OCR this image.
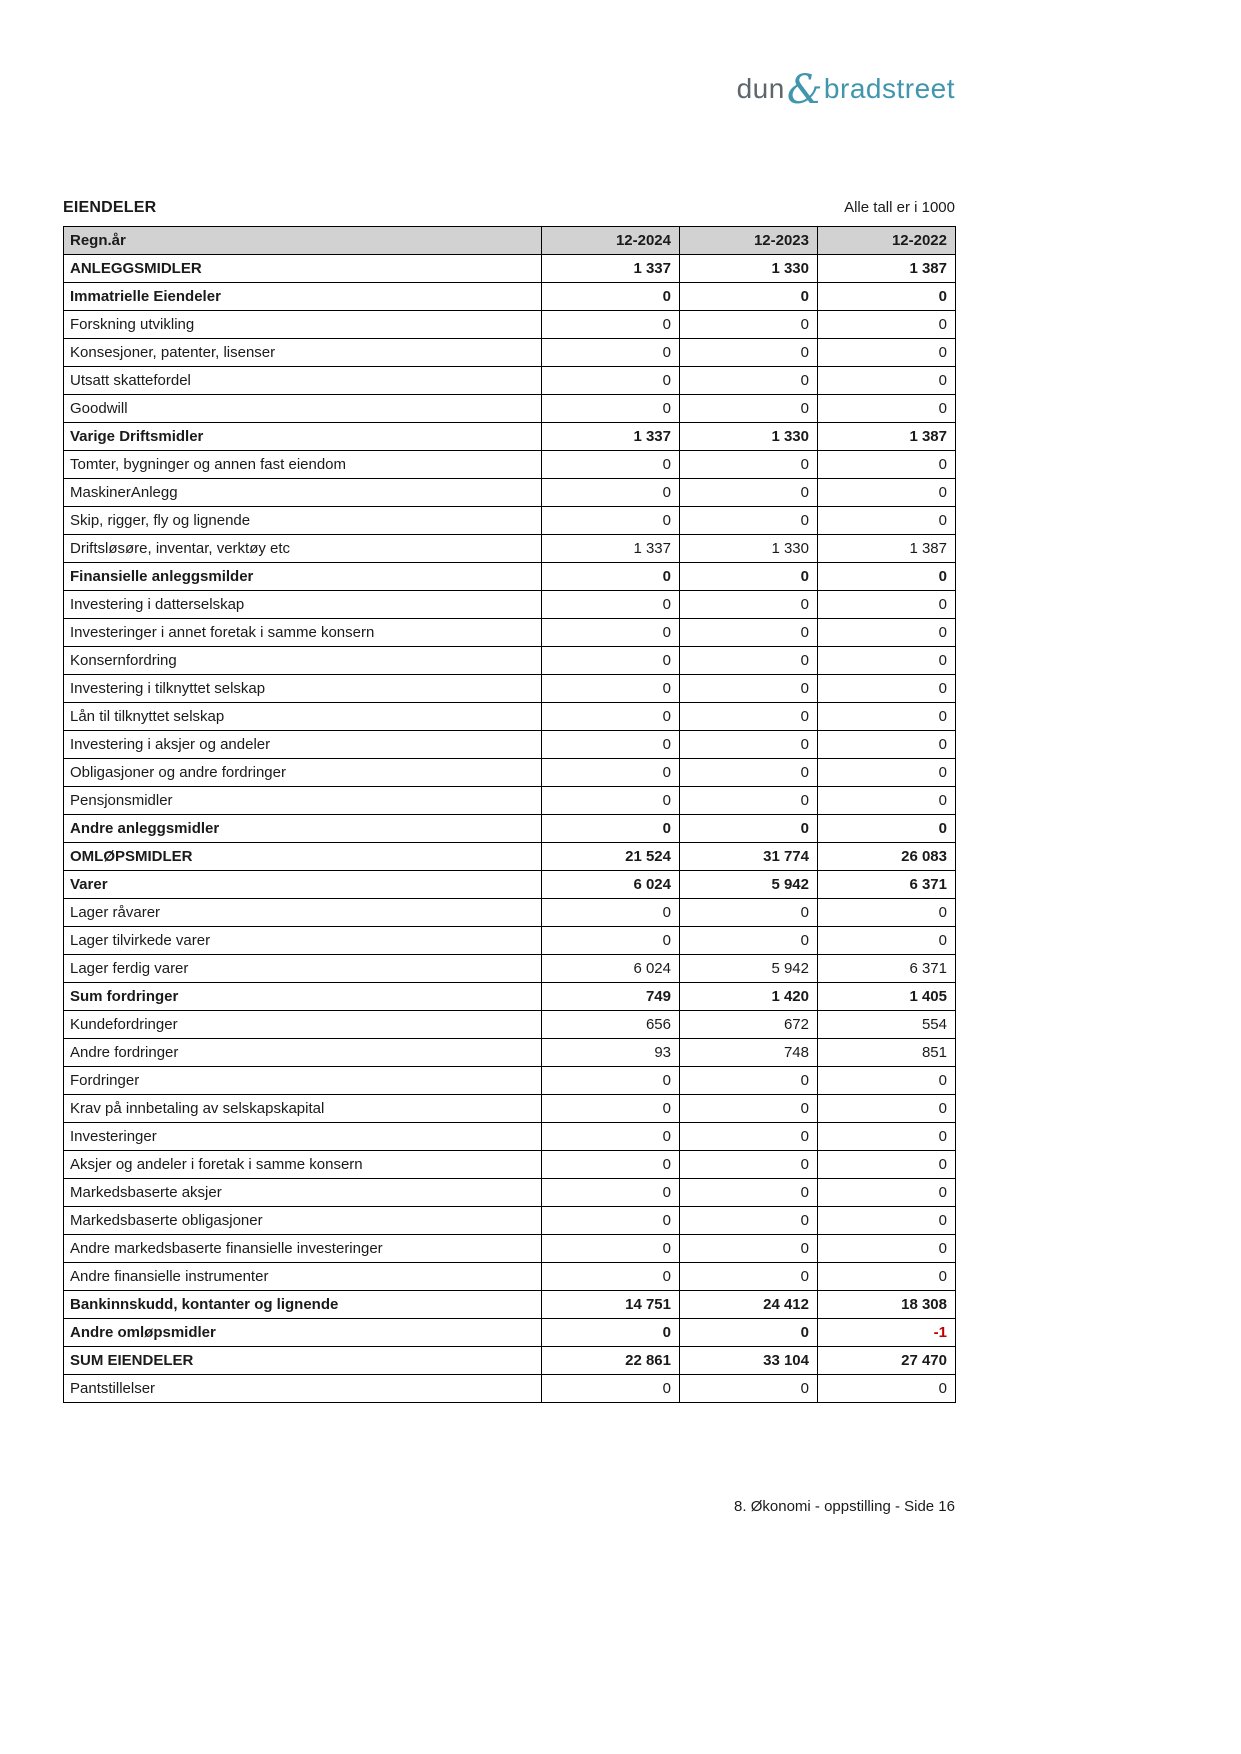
dun&bradstreet
EIENDELER	Alle tall er i 1000
Regn.år	12-2024	12-2023	12-2022
ANLEGGSMIDLER	1 337	1 330	1 387
Immatrielle Eiendeler	0	0	0
Forskning utvikling	0	0	0
Konsesjoner, patenter, lisenser	0	0	0
Utsatt skattefordel	0	0	0
Goodwill	0	0	0
Varige Driftsmidler	1 337	1 330	1 387
Tomter, bygninger og annen fast eiendom	0	0	0
MaskinerAnlegg	0	0	0
Skip, rigger, fly og lignende	0	0	0
Driftsløsøre, inventar, verktøy etc	1 337	1 330	1 387
Finansielle anleggsmilder	0	0	0
Investering i datterselskap	0	0	0
Investeringer i annet foretak i samme konsern	0	0	0
Konsernfordring	0	0	0
Investering i tilknyttet selskap	0	0	0
Lån til tilknyttet selskap	0	0	0
Investering i aksjer og andeler	0	0	0
Obligasjoner og andre fordringer	0	0	0
Pensjonsmidler	0	0	0
Andre anleggsmidler	0	0	0
OMLØPSMIDLER	21 524	31 774	26 083
Varer	6 024	5 942	6 371
Lager råvarer	0	0	0
Lager tilvirkede varer	0	0	0
Lager ferdig varer	6 024	5 942	6 371
Sum fordringer	749	1 420	1 405
Kundefordringer	656	672	554
Andre fordringer	93	748	851
Fordringer	0	0	0
Krav på innbetaling av selskapskapital	0	0	0
Investeringer	0	0	0
Aksjer og andeler i foretak i samme konsern	0	0	0
Markedsbaserte aksjer	0	0	0
Markedsbaserte obligasjoner	0	0	0
Andre markedsbaserte finansielle investeringer	0	0	0
Andre finansielle instrumenter	0	0	0
Bankinnskudd, kontanter og lignende	14 751	24 412	18 308
Andre omløpsmidler	0	0	-1
SUM EIENDELER	22 861	33 104	27 470
Pantstillelser	0	0	0
8. Økonomi - oppstilling - Side 16
